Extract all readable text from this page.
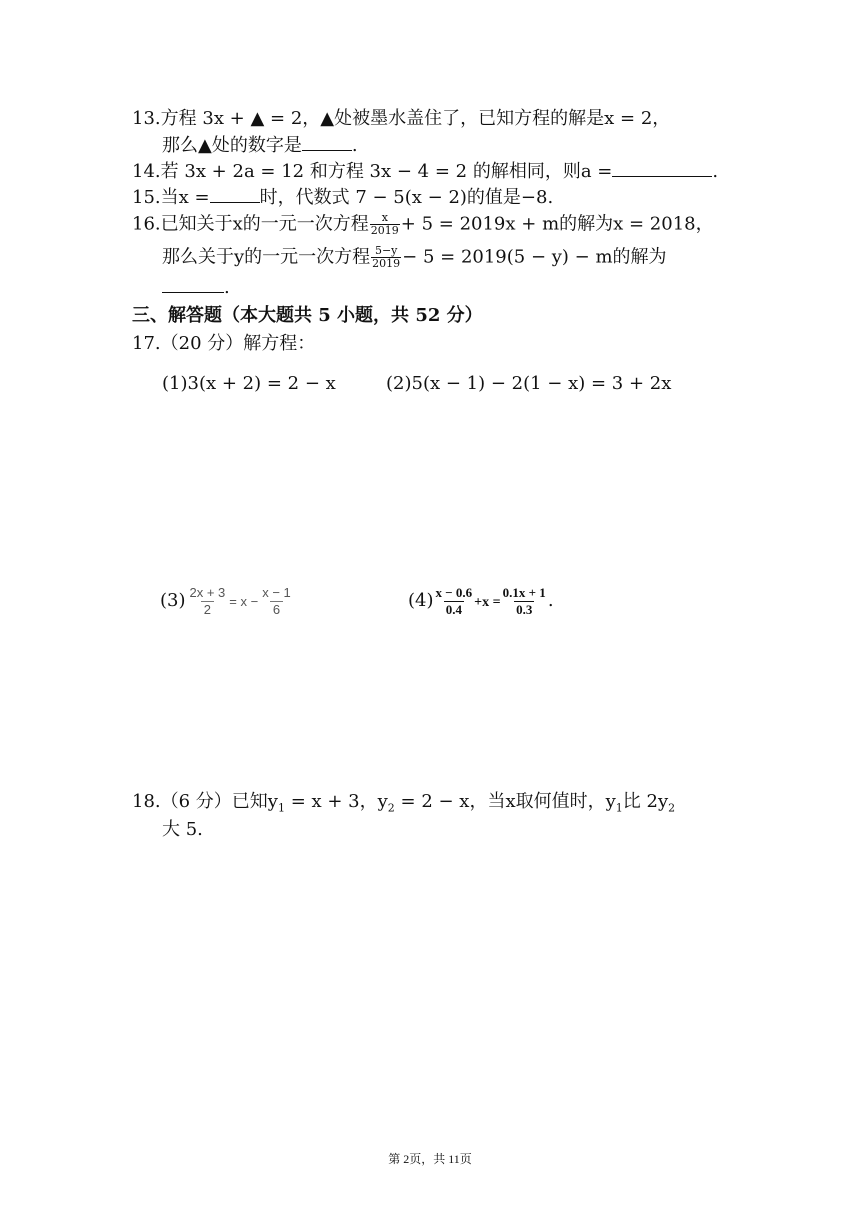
13.方程 3x + ▲ = 2，▲处被墨水盖住了，已知方程的解是x = 2，
那么▲处的数字是	.
14.若 3x + 2a = 12 和方程 3x − 4 = 2 的解相同，则a =	.
15.当x =	时，代数式 7 − 5(x − 2)的值是−8.
16.已知关于x的一元一次方程 $\frac{x}{2019} + 5 = 2019x + m$的解为x = 2018，
那么关于y的一元一次方程 $\frac{5-y}{2019} - 5 = 2019(5 - y) - m$的解为
.
三、解答题（本大题共 5 小题，共 52 分）
17.（20 分）解方程：
(1)3(x + 2) = 2 − x	(2)5(x − 1) − 2(1 − x) = 3 + 2x
$(3) \frac{2x + 3}{2} = x - \frac{x - 1}{6}$	$(4) \frac{x - 0.6}{0.4} +x = \frac{0.1x + 1}{0.3}$ .
18.（6 分）已知$y_1 = x + 3$，$y_2 = 2 - x$，当x取何值时，$y_1$比 $2y_2$
大 5.
第 2页，共 11页
